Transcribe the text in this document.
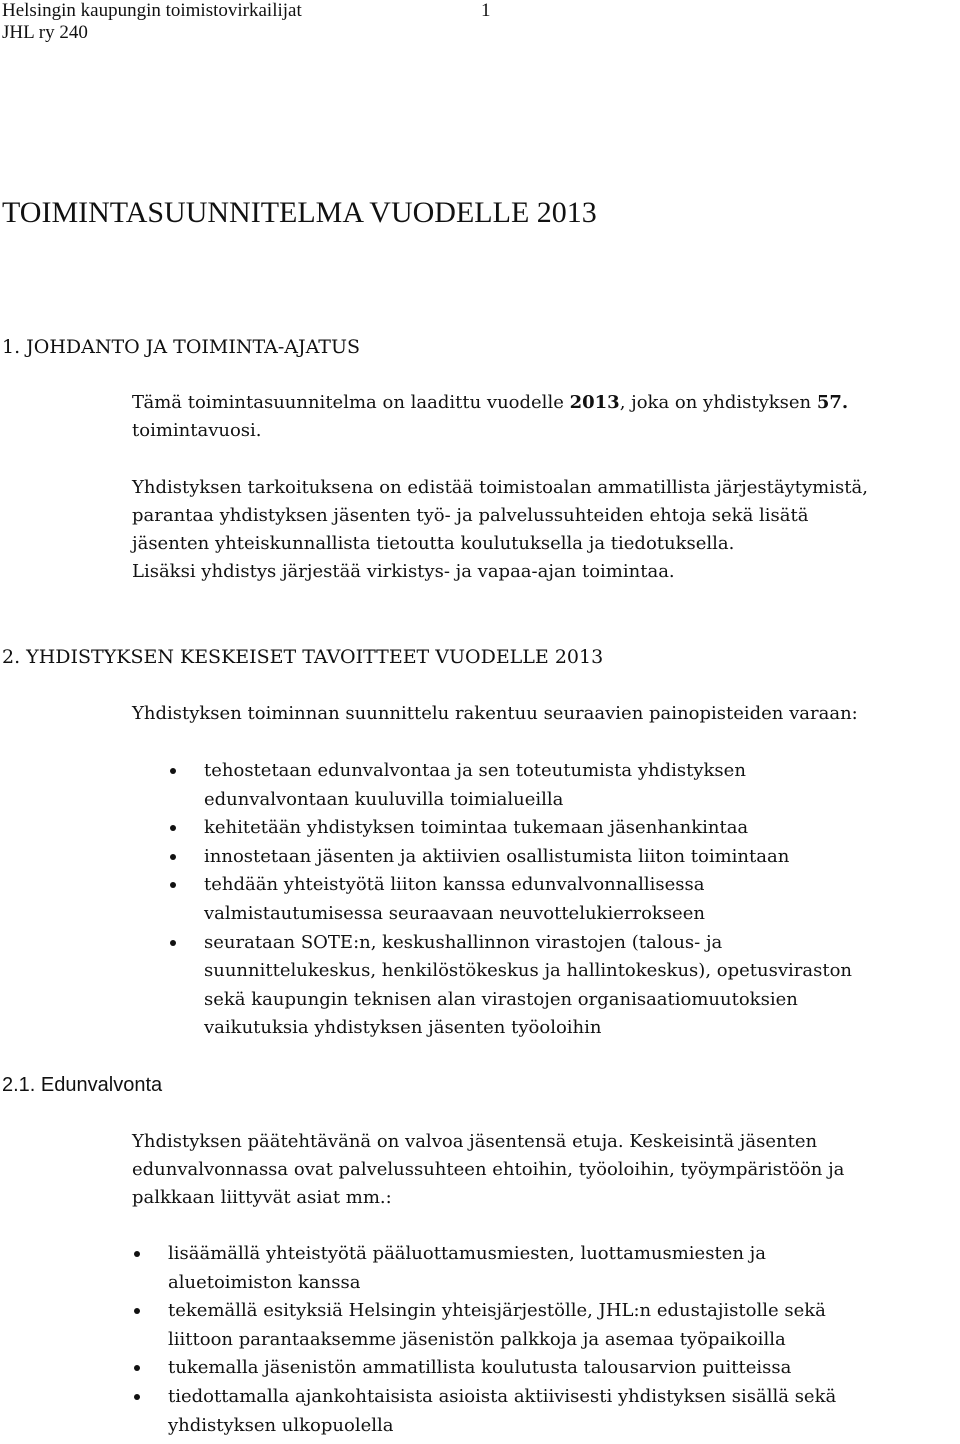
Helsingin kaupungin toimistovirkailijat	1
JHL ry 240
TOIMINTASUUNNITELMA VUODELLE 2013
1. JOHDANTO JA TOIMINTA-AJATUS

Tämä toimintasuunnitelma on laadittu vuodelle 2013, joka on yhdistyksen 57.
toimintavuosi.

Yhdistyksen tarkoituksena on edistää toimistoalan ammatillista järjestäytymistä,
parantaa yhdistyksen jäsenten työ- ja palvelussuhteiden ehtoja sekä lisätä
jäsenten yhteiskunnallista tietoutta koulutuksella ja tiedotuksella.
Lisäksi yhdistys järjestää virkistys- ja vapaa-ajan toimintaa.

2. YHDISTYKSEN KESKEISET TAVOITTEET VUODELLE 2013

Yhdistyksen toiminnan suunnittelu rakentuu seuraavien painopisteiden varaan:

tehostetaan edunvalvontaa ja sen toteutumista yhdistyksen
edunvalvontaan kuuluvilla toimialueilla
kehitetään yhdistyksen toimintaa tukemaan jäsenhankintaa
innostetaan jäsenten ja aktiivien osallistumista liiton toimintaan
tehdään yhteistyötä liiton kanssa edunvalvonnallisessa
valmistautumisessa seuraavaan neuvottelukierrokseen
seurataan SOTE:n, keskushallinnon virastojen (talous- ja
suunnittelukeskus, henkilöstökeskus ja hallintokeskus), opetusviraston
sekä kaupungin teknisen alan virastojen organisaatiomuutoksien
vaikutuksia yhdistyksen jäsenten työoloihin
2.1. Edunvalvonta

Yhdistyksen päätehtävänä on valvoa jäsentensä etuja. Keskeisintä jäsenten
edunvalvonnassa ovat palvelussuhteen ehtoihin, työoloihin, työympäristöön ja
palkkaan liittyvät asiat mm.:

lisäämällä yhteistyötä pääluottamusmiesten, luottamusmiesten ja
aluetoimiston kanssa
tekemällä esityksiä Helsingin yhteisjärjestölle, JHL:n edustajistolle sekä
liittoon parantaaksemme jäsenistön palkkoja ja asemaa työpaikoilla
tukemalla jäsenistön ammatillista koulutusta talousarvion puitteissa
tiedottamalla ajankohtaisista asioista aktiivisesti yhdistyksen sisällä sekä
yhdistyksen ulkopuolella
